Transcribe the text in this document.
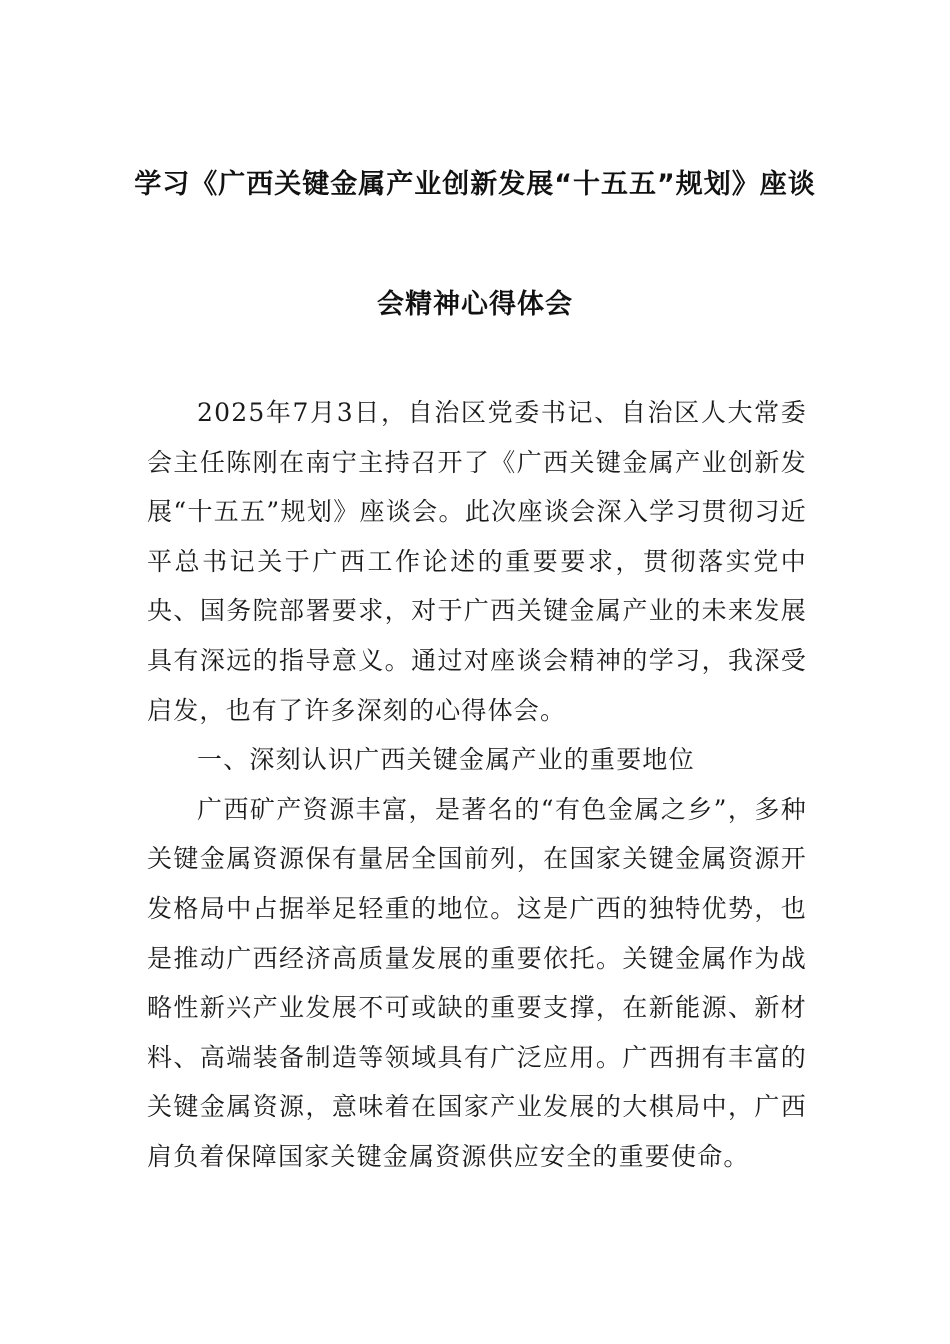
学习《广西关键金属产业创新发展“十五五”规划》座谈
会精神心得体会

2025年7月3日，自治区党委书记、自治区人大常委会主任陈刚在南宁主持召开了《广西关键金属产业创新发展“十五五”规划》座谈会。此次座谈会深入学习贯彻习近平总书记关于广西工作论述的重要要求，贯彻落实党中央、国务院部署要求，对于广西关键金属产业的未来发展具有深远的指导意义。通过对座谈会精神的学习，我深受启发，也有了许多深刻的心得体会。

一、深刻认识广西关键金属产业的重要地位

广西矿产资源丰富，是著名的“有色金属之乡”，多种关键金属资源保有量居全国前列，在国家关键金属资源开发格局中占据举足轻重的地位。这是广西的独特优势，也是推动广西经济高质量发展的重要依托。关键金属作为战略性新兴产业发展不可或缺的重要支撑，在新能源、新材料、高端装备制造等领域具有广泛应用。广西拥有丰富的关键金属资源，意味着在国家产业发展的大棋局中，广西肩负着保障国家关键金属资源供应安全的重要使命。
